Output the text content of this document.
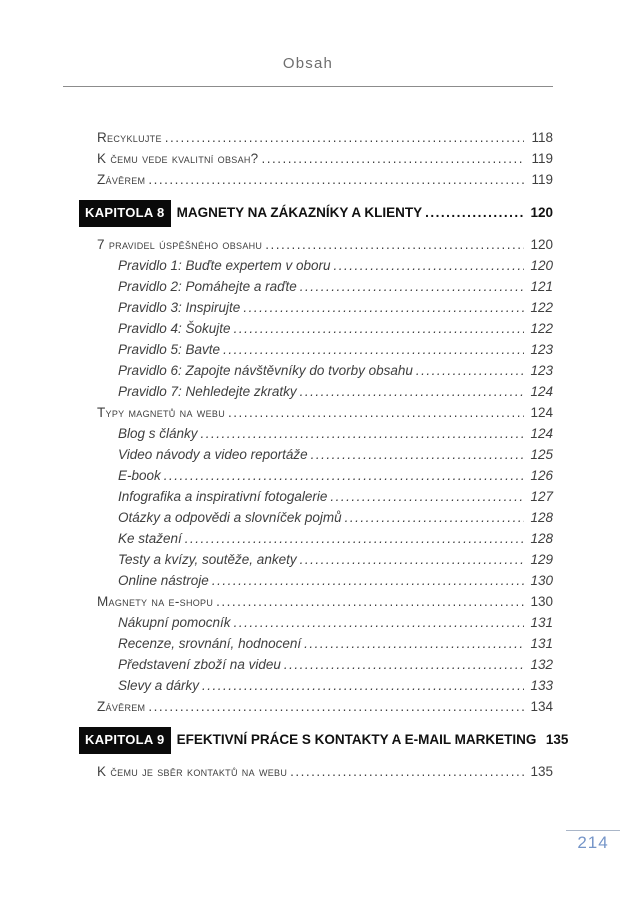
Obsah
Recyklujte .....	118
K čemu vede kvalitní obsah? .....	119
Závěrem .....	119
KAPITOLA 8 MAGNETY NA ZÁKAZNÍKY A KLIENTY .....	120
7 pravidel úspěšného obsahu .....	120
Pravidlo 1: Buďte expertem v oboru .....	120
Pravidlo 2: Pomáhejte a raďte .....	121
Pravidlo 3: Inspirujte .....	122
Pravidlo 4: Šokujte .....	122
Pravidlo 5: Bavte .....	123
Pravidlo 6: Zapojte návštěvníky do tvorby obsahu .....	123
Pravidlo 7: Nehledejte zkratky .....	124
Typy magnetů na webu .....	124
Blog s články .....	124
Video návody a video reportáže .....	125
E-book .....	126
Infografika a inspirativní fotogalerie .....	127
Otázky a odpovědi a slovníček pojmů .....	128
Ke stažení .....	128
Testy a kvízy, soutěže, ankety .....	129
Online nástroje .....	130
Magnety na e-shopu .....	130
Nákupní pomocník .....	131
Recenze, srovnání, hodnocení .....	131
Představení zboží na videu .....	132
Slevy a dárky .....	133
Závěrem .....	134
KAPITOLA 9 EFEKTIVNÍ PRÁCE S KONTAKTY A E-MAIL MARKETING 135
K čemu je sběr kontaktů na webu .....	135
214
